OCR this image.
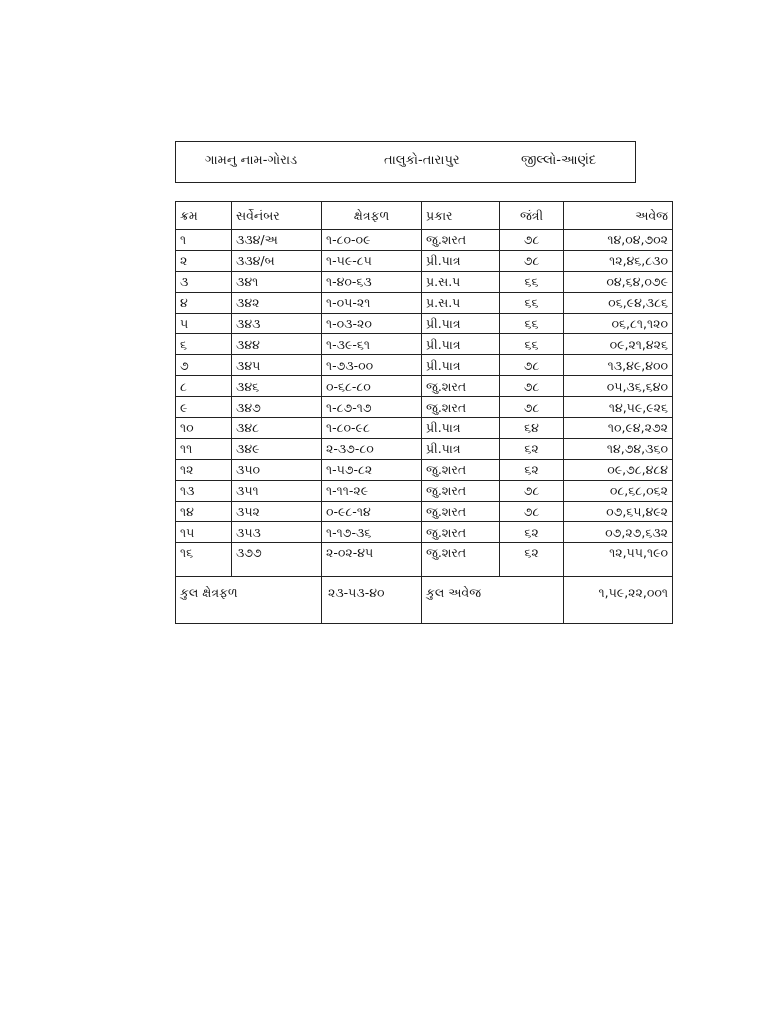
ગામનુ નામ-ગોરાડ	તાલુકો-તારાપુર	જીલ્લો-આણંદ
ક્રમ	સર્વેનંબર	ક્ષેત્રફળ	પ્રકાર	જંત્રી	અવેજ
૧	૩૩૪/અ	૧-૮૦-૦૯	જુ.શરત	૭૮	૧૪,૦૪,૭૦૨
૨	૩૩૪/બ	૧-૫૯-૮૫	પ્રી.પાત્ર	૭૮	૧૨,૪૬,૮૩૦
૩	૩૪૧	૧-૪૦-૬૩	પ્ર.સ.પ	૬૬	૦૪,૬૪,૦૭૯
૪	૩૪૨	૧-૦૫-૨૧	પ્ર.સ.પ	૬૬	૦૬,૯૪,૩૮૬
૫	૩૪૩	૧-૦૩-૨૦	પ્રી.પાત્ર	૬૬	૦૬,૮૧,૧૨૦
૬	૩૪૪	૧-૩૯-૬૧	પ્રી.પાત્ર	૬૬	૦૯,૨૧,૪૨૬
૭	૩૪૫	૧-૭૩-૦૦	પ્રી.પાત્ર	૭૮	૧૩,૪૯,૪૦૦
૮	૩૪૬	૦-૬૮-૮૦	જુ.શરત	૭૮	૦૫,૩૬,૬૪૦
૯	૩૪૭	૧-૮૭-૧૭	જુ.શરત	૭૮	૧૪,૫૯,૯૨૬
૧૦	૩૪૮	૧-૮૦-૯૮	પ્રી.પાત્ર	૬૪	૧૦,૯૪,૨૭૨
૧૧	૩૪૯	૨-૩૭-૮૦	પ્રી.પાત્ર	૬૨	૧૪,૭૪,૩૬૦
૧૨	૩૫૦	૧-૫૭-૮૨	જુ.શરત	૬૨	૦૯,૭૮,૪૮૪
૧૩	૩૫૧	૧-૧૧-૨૯	જુ.શરત	૭૮	૦૮,૬૮,૦૬૨
૧૪	૩૫૨	૦-૯૮-૧૪	જુ.શરત	૭૮	૦૭,૬૫,૪૯૨
૧૫	૩૫૩	૧-૧૭-૩૬	જુ.શરત	૬૨	૦૭,૨૭,૬૩૨
૧૬	૩૭૭	૨-૦૨-૪૫	જુ.શરત	૬૨	૧૨,૫૫,૧૯૦
કુલ ક્ષેત્રફળ		૨૩-૫૩-૪૦	કુલ અવેજ		૧,૫૯,૨૨,૦૦૧
